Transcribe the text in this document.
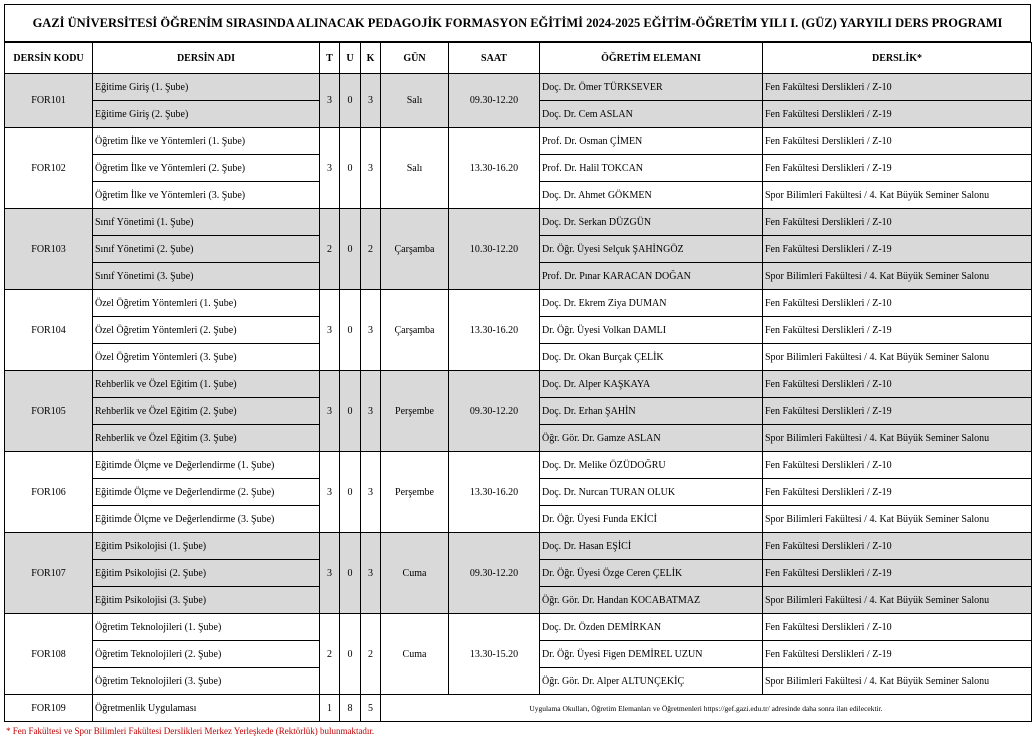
GAZİ ÜNİVERSİTESİ ÖĞRENİM SIRASINDA ALINACAK PEDAGOJİK FORMASYON EĞİTİMİ 2024-2025 EĞİTİM-ÖĞRETİM YILI I. (GÜZ) YARYILI DERS PROGRAMI
DERSİN KODU	DERSİN ADI	T	U	K	GÜN	SAAT	ÖĞRETİM ELEMANI	DERSLİK*
FOR101	Eğitime Giriş (1. Şube)	3	0	3	Salı	09.30-12.20	Doç. Dr. Ömer TÜRKSEVER	Fen Fakültesi Derslikleri / Z-10
	Eğitime Giriş (2. Şube)						Doç. Dr. Cem ASLAN	Fen Fakültesi Derslikleri / Z-19
FOR102	Öğretim İlke ve Yöntemleri (1. Şube)	3	0	3	Salı	13.30-16.20	Prof. Dr. Osman ÇİMEN	Fen Fakültesi Derslikleri / Z-10
	Öğretim İlke ve Yöntemleri (2. Şube)						Prof. Dr. Halil TOKCAN	Fen Fakültesi Derslikleri / Z-19
	Öğretim İlke ve Yöntemleri (3. Şube)						Doç. Dr. Ahmet GÖKMEN	Spor Bilimleri Fakültesi / 4. Kat Büyük Seminer Salonu
FOR103	Sınıf Yönetimi (1. Şube)	2	0	2	Çarşamba	10.30-12.20	Doç. Dr. Serkan DÜZGÜN	Fen Fakültesi Derslikleri / Z-10
	Sınıf Yönetimi (2. Şube)						Dr. Öğr. Üyesi Selçuk ŞAHİNGÖZ	Fen Fakültesi Derslikleri / Z-19
	Sınıf Yönetimi (3. Şube)						Prof. Dr. Pınar KARACAN DOĞAN	Spor Bilimleri Fakültesi / 4. Kat Büyük Seminer Salonu
FOR104	Özel Öğretim Yöntemleri (1. Şube)	3	0	3	Çarşamba	13.30-16.20	Doç. Dr. Ekrem Ziya DUMAN	Fen Fakültesi Derslikleri / Z-10
	Özel Öğretim Yöntemleri (2. Şube)						Dr. Öğr. Üyesi Volkan DAMLI	Fen Fakültesi Derslikleri / Z-19
	Özel Öğretim Yöntemleri (3. Şube)						Doç. Dr. Okan Burçak ÇELİK	Spor Bilimleri Fakültesi / 4. Kat Büyük Seminer Salonu
FOR105	Rehberlik ve Özel Eğitim (1. Şube)	3	0	3	Perşembe	09.30-12.20	Doç. Dr. Alper KAŞKAYA	Fen Fakültesi Derslikleri / Z-10
	Rehberlik ve Özel Eğitim (2. Şube)						Doç. Dr. Erhan ŞAHİN	Fen Fakültesi Derslikleri / Z-19
	Rehberlik ve Özel Eğitim (3. Şube)						Öğr. Gör. Dr. Gamze ASLAN	Spor Bilimleri Fakültesi / 4. Kat Büyük Seminer Salonu
FOR106	Eğitimde Ölçme ve Değerlendirme (1. Şube)	3	0	3	Perşembe	13.30-16.20	Doç. Dr. Melike ÖZÜDOĞRU	Fen Fakültesi Derslikleri / Z-10
	Eğitimde Ölçme ve Değerlendirme (2. Şube)						Doç. Dr. Nurcan TURAN OLUK	Fen Fakültesi Derslikleri / Z-19
	Eğitimde Ölçme ve Değerlendirme (3. Şube)						Dr. Öğr. Üyesi Funda EKİCİ	Spor Bilimleri Fakültesi / 4. Kat Büyük Seminer Salonu
FOR107	Eğitim Psikolojisi (1. Şube)	3	0	3	Cuma	09.30-12.20	Doç. Dr. Hasan EŞİCİ	Fen Fakültesi Derslikleri / Z-10
	Eğitim Psikolojisi (2. Şube)						Dr. Öğr. Üyesi Özge Ceren ÇELİK	Fen Fakültesi Derslikleri / Z-19
	Eğitim Psikolojisi (3. Şube)						Öğr. Gör. Dr. Handan KOCABATMAZ	Spor Bilimleri Fakültesi / 4. Kat Büyük Seminer Salonu
FOR108	Öğretim Teknolojileri (1. Şube)	2	0	2	Cuma	13.30-15.20	Doç. Dr. Özden DEMİRKAN	Fen Fakültesi Derslikleri / Z-10
	Öğretim Teknolojileri (2. Şube)						Dr. Öğr. Üyesi Figen DEMİREL UZUN	Fen Fakültesi Derslikleri / Z-19
	Öğretim Teknolojileri (3. Şube)						Öğr. Gör. Dr. Alper ALTUNÇEKİÇ	Spor Bilimleri Fakültesi / 4. Kat Büyük Seminer Salonu
FOR109	Öğretmenlik Uygulaması	1	8	5	Uygulama Okulları, Öğretim Elemanları ve Öğretmenleri https://gef.gazi.edu.tr/ adresinde daha sonra ilan edilecektir.			
* Fen Fakültesi ve Spor Bilimleri Fakültesi Derslikleri Merkez Yerleşkede (Rektörlük) bulunmaktadır.
